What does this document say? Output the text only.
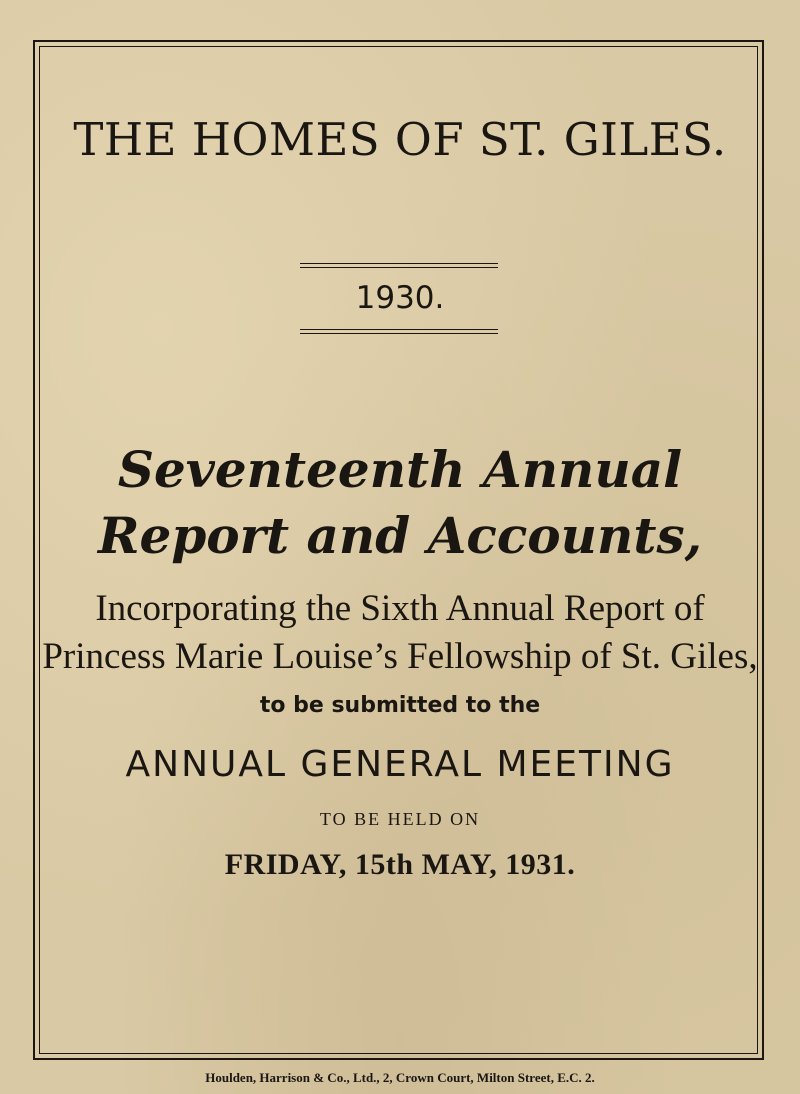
THE HOMES OF ST. GILES.
1930.
Seventeenth Annual
Report and Accounts,
Incorporating the Sixth Annual Report of
Princess Marie Louise’s Fellowship of St. Giles,
to be submitted to the
ANNUAL GENERAL MEETING
TO BE HELD ON
FRIDAY, 15th MAY, 1931.
Houlden, Harrison & Co., Ltd., 2, Crown Court, Milton Street, E.C. 2.
